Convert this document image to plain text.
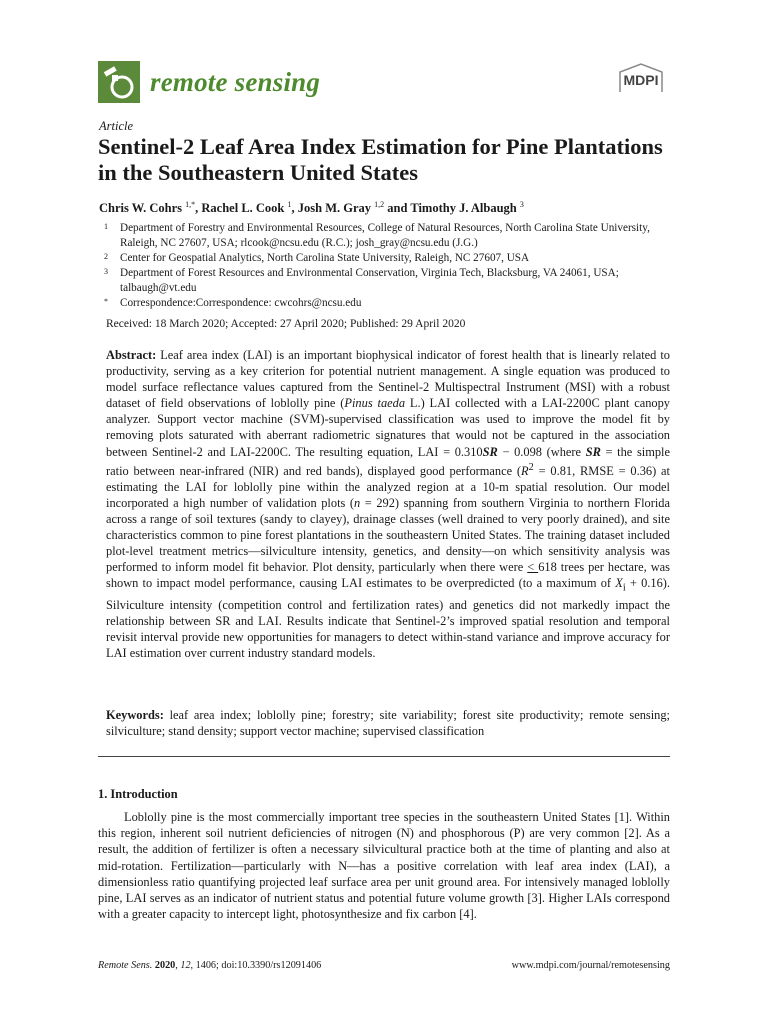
remote sensing	MDPI
Article
Sentinel-2 Leaf Area Index Estimation for Pine Plantations in the Southeastern United States
Chris W. Cohrs $^{1,*}$, Rachel L. Cook $^1$, Josh M. Gray $^{1,2}$ and Timothy J. Albaugh $^3$
1	Department of Forestry and Environmental Resources, College of Natural Resources, North Carolina State University, Raleigh, NC 27607, USA; rlcook@ncsu.edu (R.C.); josh_gray@ncsu.edu (J.G.)
2	Center for Geospatial Analytics, North Carolina State University, Raleigh, NC 27607, USA
3	Department of Forest Resources and Environmental Conservation, Virginia Tech, Blacksburg, VA 24061, USA; talbaugh@vt.edu
*	Correspondence:Correspondence: cwcohrs@ncsu.edu
Received: 18 March 2020; Accepted: 27 April 2020; Published: 29 April 2020
Abstract: Leaf area index (LAI) is an important biophysical indicator of forest health that is linearly related to productivity, serving as a key criterion for potential nutrient management. A single equation was produced to model surface reflectance values captured from the Sentinel-2 Multispectral Instrument (MSI) with a robust dataset of field observations of loblolly pine (Pinus taeda L.) LAI collected with a LAI-2200C plant canopy analyzer. Support vector machine (SVM)-supervised classification was used to improve the model fit by removing plots saturated with aberrant radiometric signatures that would not be captured in the association between Sentinel-2 and LAI-2200C. The resulting equation, LAI = 0.310SR − 0.098 (where SR = the simple ratio between near-infrared (NIR) and red bands), displayed good performance ($R^2 = 0.81$, RMSE = 0.36) at estimating the LAI for loblolly pine within the analyzed region at a 10-m spatial resolution. Our model incorporated a high number of validation plots (n = 292) spanning from southern Virginia to northern Florida across a range of soil textures (sandy to clayey), drainage classes (well drained to very poorly drained), and site characteristics common to pine forest plantations in the southeastern United States. The training dataset included plot-level treatment metrics—silviculture intensity, genetics, and density—on which sensitivity analysis was performed to inform model fit behavior. Plot density, particularly when there were < 618 trees per hectare, was shown to impact model performance, causing LAI estimates to be overpredicted (to a maximum of $X_i + 0.16$). Silviculture intensity (competition control and fertilization rates) and genetics did not markedly impact the relationship between SR and LAI. Results indicate that Sentinel-2’s improved spatial resolution and temporal revisit interval provide new opportunities for managers to detect within-stand variance and improve accuracy for LAI estimation over current industry standard models.
Keywords: leaf area index; loblolly pine; forestry; site variability; forest site productivity; remote sensing; silviculture; stand density; support vector machine; supervised classification
1. Introduction
Loblolly pine is the most commercially important tree species in the southeastern United States [1]. Within this region, inherent soil nutrient deficiencies of nitrogen (N) and phosphorous (P) are very common [2]. As a result, the addition of fertilizer is often a necessary silvicultural practice both at the time of planting and also at mid-rotation. Fertilization—particularly with N—has a positive correlation with leaf area index (LAI), a dimensionless ratio quantifying projected leaf surface area per unit ground area. For intensively managed loblolly pine, LAI serves as an indicator of nutrient status and potential future volume growth [3]. Higher LAIs correspond with a greater capacity to intercept light, photosynthesize and fix carbon [4].
Remote Sens. 2020, 12, 1406; doi:10.3390/rs12091406	www.mdpi.com/journal/remotesensing
